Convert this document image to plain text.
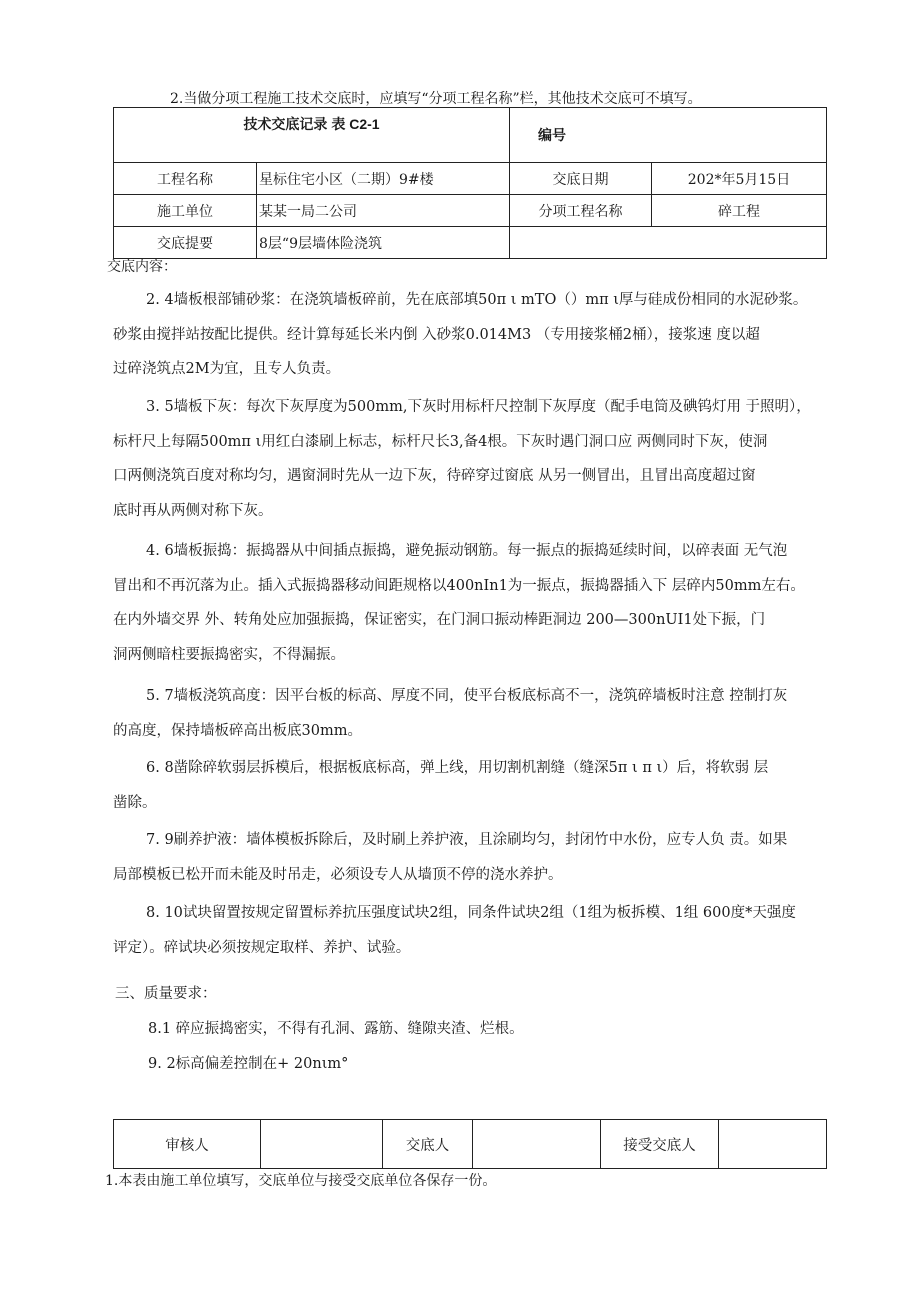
2.当做分项工程施工技术交底时，应填写“分项工程名称”栏，其他技术交底可不填写。
技术交底记录 表 C2-1		编号	
工程名称	星标住宅小区（二期）9#楼	交底日期	202*年5月15日
施工单位	某某一局二公司	分项工程名称	碎工程
交底提要	8层“9层墙体险浇筑		
交底内容：
2. 4墙板根部铺砂浆：在浇筑墙板碎前，先在底部填50π ι mTO（）mπ ι厚与硅成份相同的水泥砂浆。
砂浆由搅拌站按配比提供。经计算每延长米内倒 入砂浆0.014M3 （专用接浆桶2桶），接浆速 度以超
过碎浇筑点2M为宜，且专人负责。
3. 5墙板下灰：每次下灰厚度为500mm,下灰时用标杆尺控制下灰厚度（配手电筒及碘钨灯用 于照明），
标杆尺上每隔500mπ ι用红白漆刷上标志，标杆尺长3,备4根。下灰时遇门洞口应 两侧同时下灰，使洞
口两侧浇筑百度对称均匀，遇窗洞时先从一边下灰，待碎穿过窗底 从另一侧冒出，且冒出高度超过窗
底时再从两侧对称下灰。
4. 6墙板振捣：振捣器从中间插点振捣，避免振动钢筋。每一振点的振捣延续时间，以碎表面 无气泡
冒出和不再沉落为止。插入式振捣器移动间距规格以400nIn1为一振点，振捣器插入下 层碎内50mm左右。
在内外墙交界 外、转角处应加强振捣，保证密实，在门洞口振动棒距洞边 200—300nUI1处下振，门
洞两侧暗柱要振捣密实，不得漏振。
5. 7墙板浇筑高度：因平台板的标高、厚度不同，使平台板底标高不一，浇筑碎墙板时注意 控制打灰
的高度，保持墙板碎高出板底30mm。
6. 8凿除碎软弱层拆模后，根据板底标高，弹上线，用切割机割缝（缝深5π ι π ι）后，将软弱 层
凿除。
7. 9刷养护液：墙体模板拆除后，及时刷上养护液，且涂刷均匀，封闭竹中水份，应专人负 责。如果
局部模板已松开而未能及时吊走，必须设专人从墙顶不停的浇水养护。
8. 10试块留置按规定留置标养抗压强度试块2组，同条件试块2组（1组为板拆模、1组 600度*天强度
评定）。碎试块必须按规定取样、养护、试验。
三、质量要求：
8.1 碎应振捣密实，不得有孔洞、露筋、缝隙夹渣、烂根。
9. 2标高偏差控制在+ 20nιm°
审核人		交底人		接受交底人	
1.本表由施工单位填写，交底单位与接受交底单位各保存一份。
